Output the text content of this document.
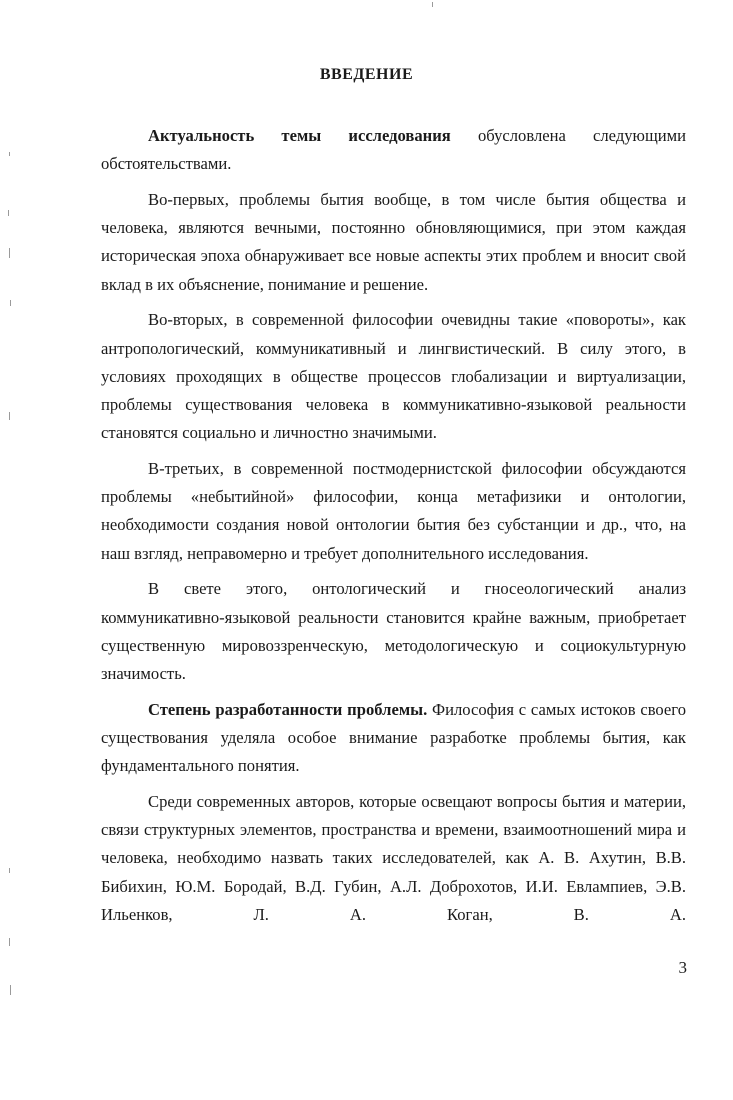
ВВЕДЕНИЕ

Актуальность темы исследования обусловлена следующими обстоятельствами.

Во-первых, проблемы бытия вообще, в том числе бытия общества и человека, являются вечными, постоянно обновляющимися, при этом каждая историческая эпоха обнаруживает все новые аспекты этих проблем и вносит свой вклад в их объяснение, понимание и решение.

Во-вторых, в современной философии очевидны такие «повороты», как антропологический, коммуникативный и лингвистический. В силу этого, в условиях проходящих в обществе процессов глобализации и виртуализации, проблемы существования человека в коммуникативно-языковой реальности становятся социально и личностно значимыми.

В-третьих, в современной постмодернистской философии обсуждаются проблемы «небытийной» философии, конца метафизики и онтологии, необходимости создания новой онтологии бытия без субстанции и др., что, на наш взгляд, неправомерно и требует дополнительного исследования.

В свете этого, онтологический и гносеологический анализ коммуникативно-языковой реальности становится крайне важным, приобретает существенную мировоззренческую, методологическую и социокультурную значимость.

Степень разработанности проблемы. Философия с самых истоков своего существования уделяла особое внимание разработке проблемы бытия, как фундаментального понятия.

Среди современных авторов, которые освещают вопросы бытия и материи, связи структурных элементов, пространства и времени, взаимоотношений мира и человека, необходимо назвать таких исследователей, как А. В. Ахутин, В.В. Бибихин, Ю.М. Бородай, В.Д. Губин, А.Л. Доброхотов, И.И. Евлампиев, Э.В. Ильенков, Л. А. Коган, В. А.

3
